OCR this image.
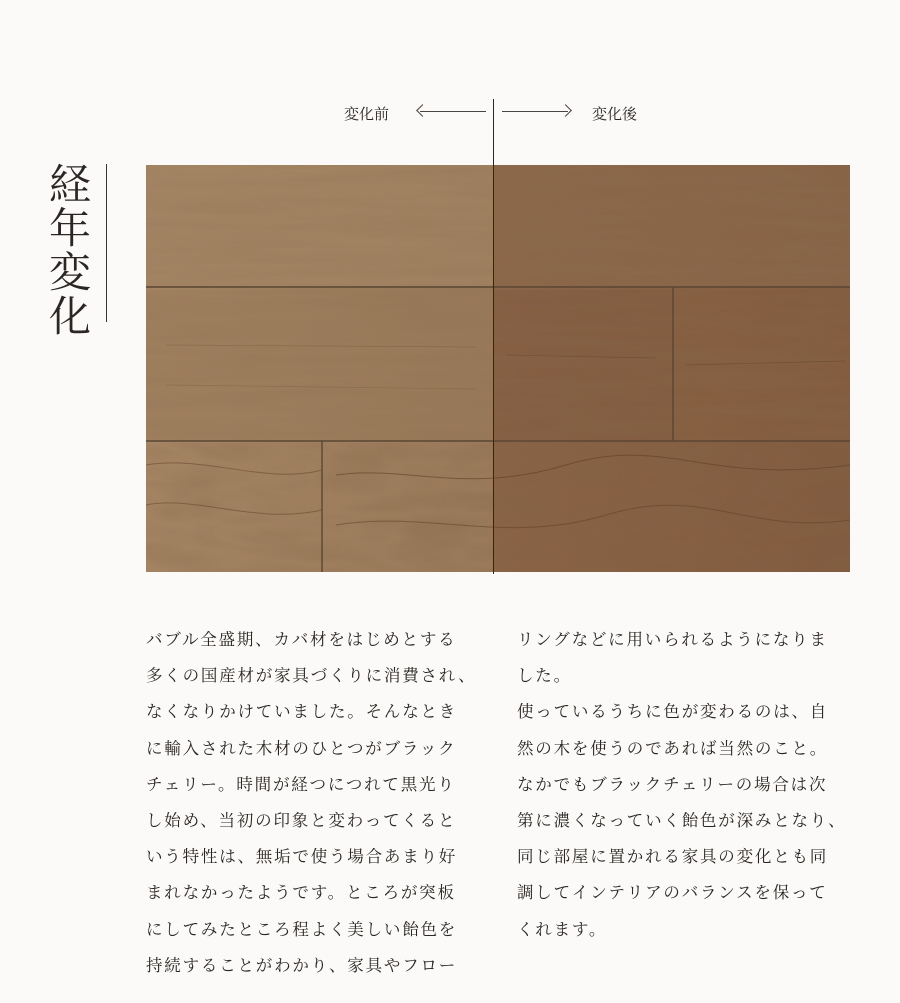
経年変化
変化前	変化後
バブル全盛期、カバ材をはじめとする
多くの国産材が家具づくりに消費され、
なくなりかけていました。そんなとき
に輸入された木材のひとつがブラック
チェリー。時間が経つにつれて黒光り
し始め、当初の印象と変わってくると
いう特性は、無垢で使う場合あまり好
まれなかったようです。ところが突板
にしてみたところ程よく美しい飴色を
持続することがわかり、家具やフロー
リングなどに用いられるようになりま
した。
使っているうちに色が変わるのは、自
然の木を使うのであれば当然のこと。
なかでもブラックチェリーの場合は次
第に濃くなっていく飴色が深みとなり、
同じ部屋に置かれる家具の変化とも同
調してインテリアのバランスを保って
くれます。
